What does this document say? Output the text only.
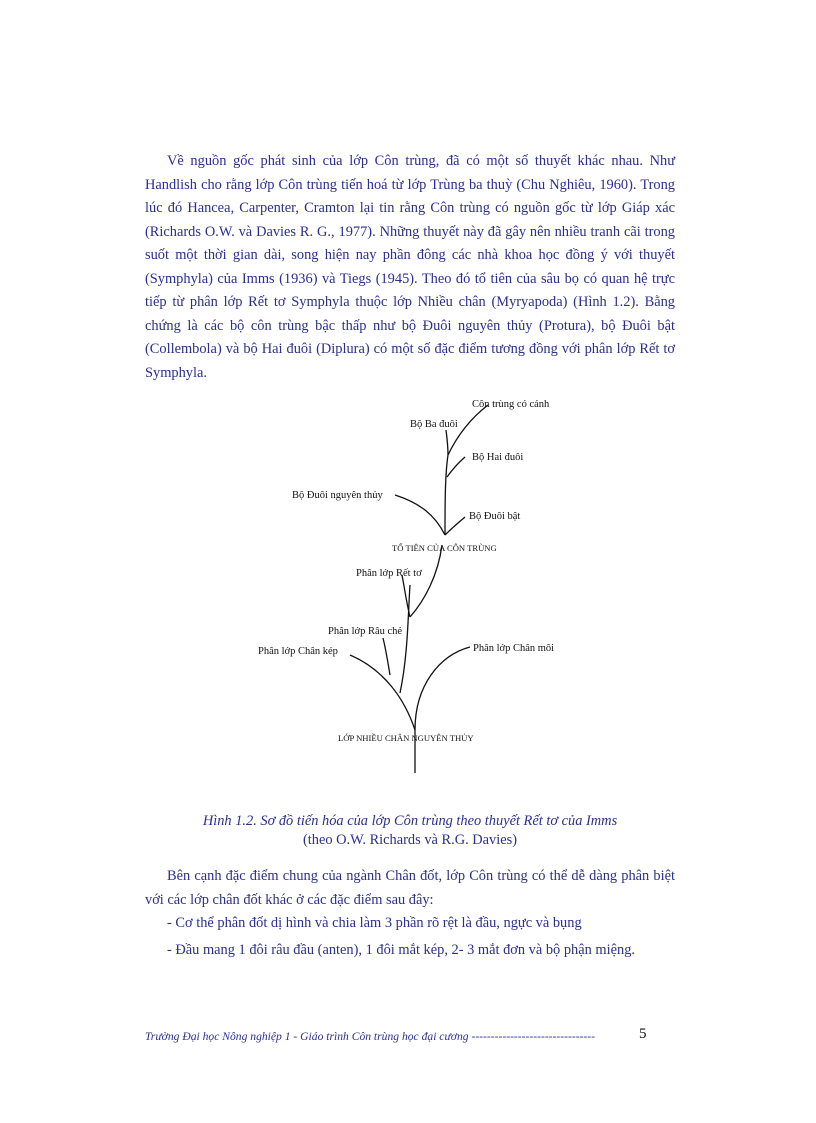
Về nguồn gốc phát sinh của lớp Côn trùng, đã có một số thuyết khác nhau. Như Handlish cho rằng lớp Côn trùng tiến hoá từ lớp Trùng ba thuỳ (Chu Nghiêu, 1960). Trong lúc đó Hancea, Carpenter, Cramton lại tin rằng Côn trùng có nguồn gốc từ lớp Giáp xác (Richards O.W. và Davies R. G., 1977). Những thuyết này đã gây nên nhiều tranh cãi trong suốt một thời gian dài, song hiện nay phần đông các nhà khoa học đồng ý với thuyết (Symphyla) của Imms (1936) và Tiegs (1945). Theo đó tổ tiên của sâu bọ có quan hệ trực tiếp từ phân lớp Rết tơ Symphyla thuộc lớp Nhiều chân (Myryapoda) (Hình 1.2). Bằng chứng là các bộ côn trùng bậc thấp như bộ Đuôi nguyên thủy (Protura), bộ Đuôi bật (Collembola) và bộ Hai đuôi (Diplura) có một số đặc điểm tương đồng với phân lớp Rết tơ Symphyla.

Côn trùng có cánh
Bộ Ba đuôi
Bộ Hai đuôi
Bộ Đuôi nguyên thủy
Bộ Đuôi bật
TỔ TIÊN CỦA CÔN TRÙNG
Phân lớp Rết tơ
Phân lớp Râu chẻ
Phân lớp Chân kép	Phân lớp Chân môi
LỚP NHIỀU CHÂN NGUYÊN THỦY
Hình 1.2. Sơ đồ tiến hóa của lớp Côn trùng theo thuyết Rết tơ của Imms
(theo O.W. Richards và R.G. Davies)

Bên cạnh đặc điểm chung của ngành Chân đốt, lớp Côn trùng có thể dễ dàng phân biệt với các lớp chân đốt khác ở các đặc điểm sau đây:

- Cơ thể phân đốt dị hình và chia làm 3 phần rõ rệt là đầu, ngực và bụng

- Đầu mang 1 đôi râu đầu (anten), 1 đôi mắt kép, 2- 3 mắt đơn và bộ phận miệng.

Trường Đại học Nông nghiệp 1 - Giáo trình Côn trùng học đại cương --------------------------------	5
